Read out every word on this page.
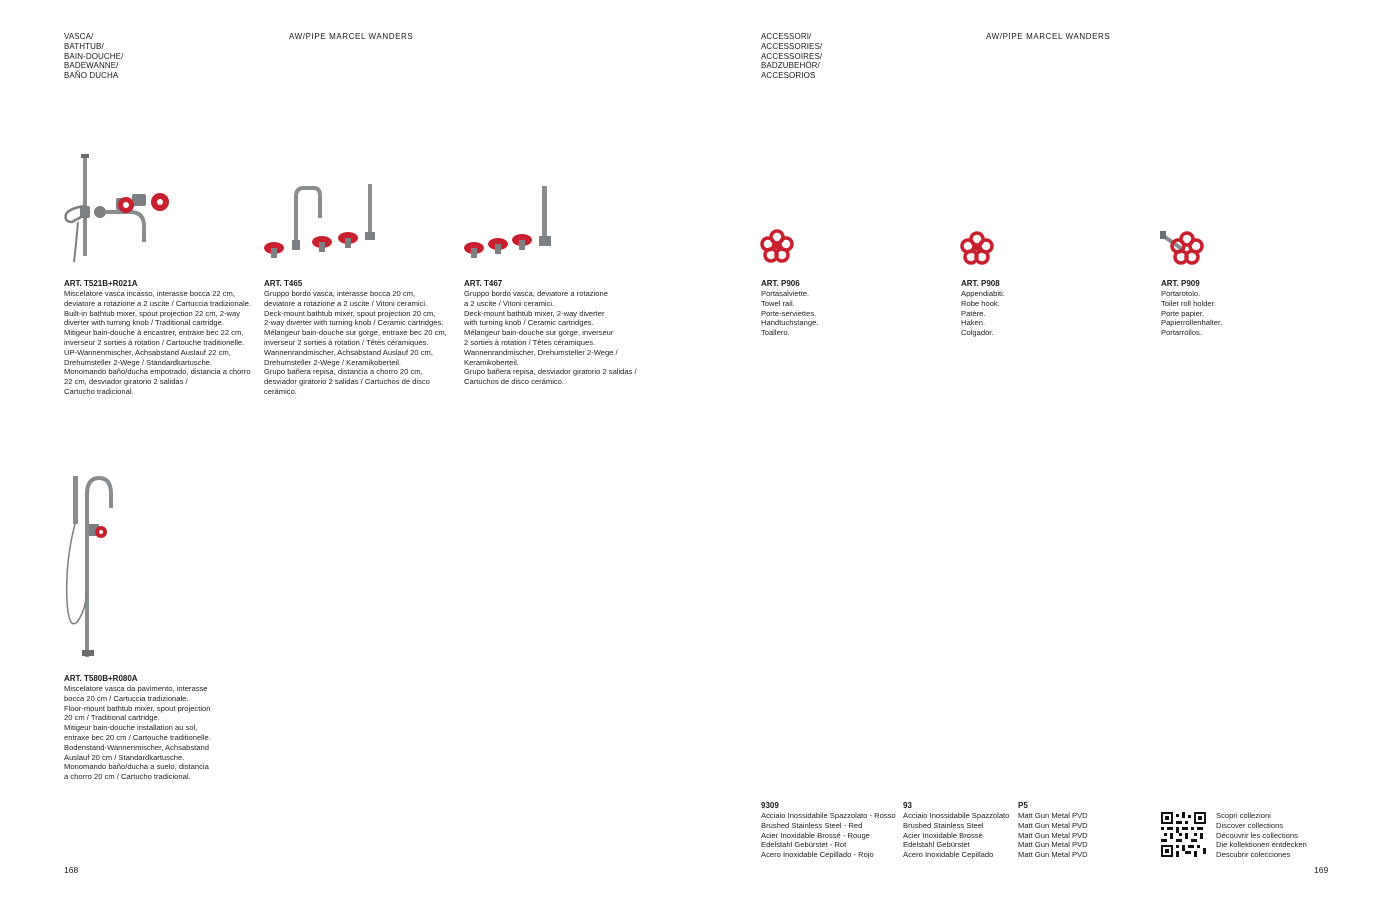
VASCA/
BATHTUB/
BAIN-DOUCHE/
BADEWANNE/
BAÑO DUCHA
AW/PIPE MARCEL WANDERS
ART. T521B+R021A
Miscelatore vasca incasso, interasse bocca 22 cm,
deviatore a rotazione a 2 uscite / Cartuccia tradizionale.
Built-in bathtub mixer, spout projection 22 cm, 2-way
diverter with turning knob / Traditional cartridge.
Mitigeur bain-douche à encastrer, entraxe bec 22 cm,
inverseur 2 sorties à rotation / Cartouche traditionelle.
UP-Wannenmischer, Achsabstand Auslauf 22 cm,
Drehumsteller 2-Wege / Standardkartusche.
Monomando baño/ducha empotrado, distancia a chorro
22 cm, desviador giratorio 2 salidas /
Cartucho tradicional.
ART. T465
Gruppo bordo vasca, interasse bocca 20 cm,
deviatore a rotazione a 2 uscite / Vitoni ceramici.
Deck-mount bathtub mixer, spout projection 20 cm,
2-way diverter with turning knob / Ceramic cartridges.
Mélangeur bain-douche sur gorge, entraxe bec 20 cm,
inverseur 2 sorties à rotation / Têtes céramiques.
Wannenrandmischer, Achsabstand Auslauf 20 cm,
Drehumsteller 2-Wege / Keramikoberteil.
Grupo bañera repisa, distancia a chorro 20 cm,
desviador giratorio 2 salidas / Cartuchos de disco
cerámico.
ART. T467
Gruppo bordo vasca, deviatore a rotazione
a 2 uscite / Vitoni ceramici.
Deck-mount bathtub mixer, 2-way diverter
with turning knob / Ceramic cartridges.
Mélangeur bain-douche sur gorge, inverseur
2 sorties à rotation / Têtes céramiques.
Wannenrandmischer, Drehumsteller 2-Wege /
Keramikoberteil.
Grupo bañera repisa, desviador giratorio 2 salidas /
Cartuchos de disco cerámico.
ART. T580B+R080A
Miscelatore vasca da pavimento, interasse
bocca 20 cm / Cartuccia tradizionale.
Floor-mount bathtub mixer, spout projection
20 cm / Traditional cartridge.
Mitigeur bain-douche installation au sol,
entraxe bec 20 cm / Cartouche traditionelle.
Bodenstand-Wannenmischer, Achsabstand
Auslauf 20 cm / Standardkartusche.
Monomando baño/ducha a suelo, distancia
a chorro 20 cm / Cartucho tradicional.
168
ACCESSORI/
ACCESSORIES/
ACCESSOIRES/
BADZUBEHÖR/
ACCESORIOS
AW/PIPE MARCEL WANDERS
ART. P906
Portasalviette.
Towel rail.
Porte-serviettes.
Handtuchstange.
Toallero.
ART. P908
Appendiabiti.
Robe hook.
Patère.
Haken.
Colgador.
ART. P909
Portarotolo.
Toilet roll holder.
Porte papier.
Papierrollenhalter.
Portarrollos.
9309
Acciaio Inossidabile Spazzolato - Rosso
Brushed Stainless Steel - Red
Acier Inoxidable Brossé - Rouge
Edelstahl Gebürstet - Rot
Acero Inoxidable Cepillado - Rojo
93
Acciaio Inossidabile Spazzolato
Brushed Stainless Steel
Acier Inoxidable Brossé
Edelstahl Gebürstet
Acero Inoxidable Cepillado
P5
Matt Gun Metal PVD
Matt Gun Metal PVD
Matt Gun Metal PVD
Matt Gun Metal PVD
Matt Gun Metal PVD
Scopri collezioni
Discover collections
Découvrir les collections
Die kollektionen entdecken
Descubrir colecciones
169
